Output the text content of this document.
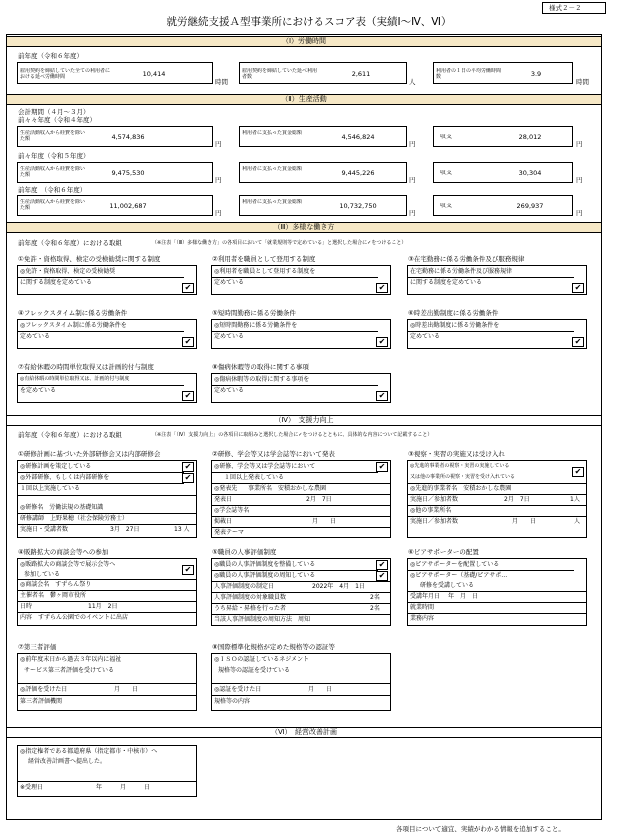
様式２－２
就労継続支援Ａ型事業所におけるスコア表（実績Ⅰ～Ⅳ、Ⅵ）
（Ⅰ）労働時間
前年度（令和６年度）
雇用契約を締結していた全ての利用者における延べ労働時間	10,414
時間
雇用契約を締結していた延べ利用者数	2,611
人
利用者の１日の平均労働時間数	3.9
時間
（Ⅱ）生産活動
会計期間（４月～３月）
前々々年度（令和４年度）
生産活動収入から経費を除いた額	4,574,836
円
利用者に支払った賃金総額	4,546,824
円
収支	28,012
円
前々年度（令和５年度）
生産活動収入から経費を除いた額	9,475,530
円
利用者に支払った賃金総額	9,445,226
円
収支	30,304
円
前年度　（令和６年度）
生産活動収入から経費を除いた額	11,002,687
円
利用者に支払った賃金総額	10,732,750
円
収支	269,937
円
（Ⅲ）多様な働き方
前年度（令和６年度）における取組	（※注表「（Ⅲ）多様な働き方」の各項目において「就業規則等で定めている」と選択した場合に✓をつけること）
①免許・資格取得、検定の受検勧奨に関する制度
◎免許・資格取得、検定の受検勧奨
に関する制度を定めている
✔
②利用者を職員として登用する制度
◎利用者を職員として登用する制度を
定めている
✔
③在宅勤務に係る労働条件及び服務規律
在宅勤務に係る労働条件及び服務規律
に関する制度を定めている
✔
④フレックスタイム制に係る労働条件
◎フレックスタイム制に係る労働条件を
定めている
✔
⑤短時間勤務に係る労働条件
◎短時間勤務に係る労働条件を
定めている
✔
⑥時差出勤制度に係る労働条件
◎時差出勤制度に係る労働条件を
定めている
✔
⑦有給休暇の時間単位取得又は計画的付与制度
◎有給休暇の時間単位取得又は、計画的付与制度
を定めている
✔
⑧傷病休暇等の取得に関する事項
◎傷病休暇等の取得に関する事項を
定めている
✔
（Ⅳ）　支援力向上
前年度（令和６年度）における取組	（※注表「（Ⅳ）支援力向上」の各項目に取組みと選択した場合に✓をつけるとともに、具体的な内容について記載すること）
①研修計画に基づいた外部研修会又は内部研修会
◎研修計画を策定している
◎外部研修、もしくは内部研修を
１回以上実施している
◎研修名　労働法規の基礎知識
研修講師　上野果穂（社会保険労務士）
実施日・受講者数	3月　27日	13 人
✔
✔
②研修、学会等又は学会誌等において発表
◎研修、学会等又は学会誌等において
１回以上発表している
◎発表先 事業所名　安積おかしな農園
発表日	2月　7日
◎学会誌等名
掲載日	月　　日
発表テーマ
✔
③視察・実習の実施又は受け入れ
◎先進的事業者の視察・実習の実施している
又は他の事業所の視察・実習を受け入れている
◎先進的事業者名　安積おかしな農園
実施日／参加者数	2月　7日	1人
◎他の事業所名
実施日／参加者数	月　　日	人
✔
④販路拡大の商談会等への参加
◎販路拡大の商談会等で展示会等へ
参加している
◎商談会名　すずらん祭り
主催者名　鬱ヶ岡市役所
日時	11月　2日
内容　すずらん公園でのイベントに出店
✔
⑤職員の人事評価制度
◎職員の人事評価制度を整備している
◎職員の人事評価制度の周知している
人事評価制度の制定日	2022年　4月　1日
人事評価制度の対象職員数	2名
うち昇給・昇格を行った者	2名
当該人事評価制度の周知方法　周知
✔
✔
⑥ピアサポーターの配置
◎ピアサポーターを配置している
◎ピアサポーター（基礎/ピアサポ…
研修を受講している
受講年月日 年　月　日
就業時間
業務内容
⑦第三者評価
◎前年度末日から過去３年以内に福祉
サービス第三者評価を受けている
◎評価を受けた日	月　　日
第三者評価機関
⑧国際標準化規格が定めた規格等の認証等
◎ＩＳＯの認証しているネジメント
規格等の認証を受けている
◎認証を受けた日	月　　日
規格等の内容
（Ⅵ）　経営改善計画
◎指定権者である都道府県（指定都市・中核市）へ
経営改善計画書へ提出した。
※受理日	年　　　月　　　日
各項目について適宜、実績がわかる情報を追加すること。
